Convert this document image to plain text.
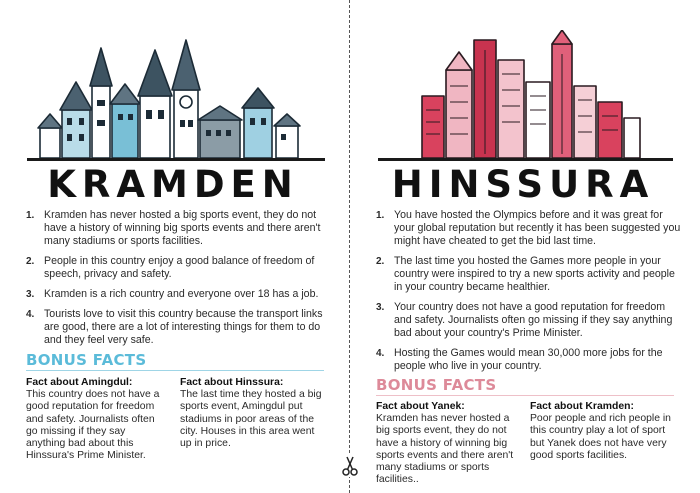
KRAMDEN
1. Kramden has never hosted a big sports event, they do not have a history of winning big sports events and there aren't many stadiums or sports facilities.
2. People in this country enjoy a good balance of freedom of speech, privacy and safety.
3. Kramden is a rich country and everyone over 18 has a job.
4. Tourists love to visit this country because the transport links are good, there are a lot of interesting things for them to do and they feel very safe.
BONUS FACTS
Fact about Amingdul:
This country does not have a good reputation for freedom and safety. Journalists often go missing if they say anything bad about this Hinssura's Prime Minister.
Fact about Hinssura:
The last time they hosted a big sports event, Amingdul put stadiums in poor areas of the city. Houses in this area went up in price.
HINSSURA
1. You have hosted the Olympics before and it was great for your global reputation but recently it has been suggested you might have cheated to get the bid last time.
2. The last time you hosted the Games more people in your country were inspired to try a new sports activity and people in your country became healthier.
3. Your country does not have a good reputation for freedom and safety. Journalists often go missing if they say anything bad about your country's Prime Minister.
4. Hosting the Games would mean 30,000 more jobs for the people who live in your country.
BONUS FACTS
Fact about Yanek:
Kramden has never hosted a big sports event, they do not have a history of winning big sports events and there aren't many stadiums or sports facilities..
Fact about Kramden:
Poor people and rich people in this country play a lot of sport but Yanek does not have very good sports facilities.
